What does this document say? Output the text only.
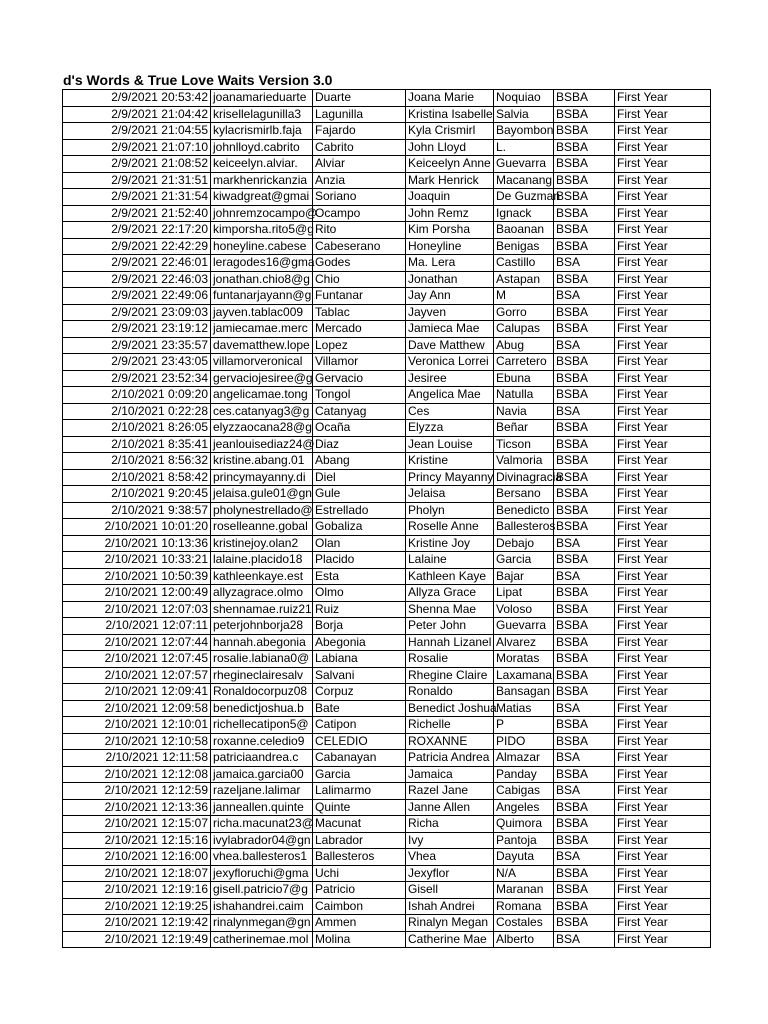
d's Words & True Love Waits Version 3.0
2/9/2021 20:53:42	joanamarieduarte	Duarte	Joana Marie	Noquiao	BSBA	First Year
2/9/2021 21:04:42	krisellelagunilla3	Lagunilla	Kristina Isabelle	Salvia	BSBA	First Year
2/9/2021 21:04:55	kylacrismirlb.faja	Fajardo	Kyla Crismirl	Bayombon	BSBA	First Year
2/9/2021 21:07:10	johnlloyd.cabrito	Cabrito	John Lloyd	L.	BSBA	First Year
2/9/2021 21:08:52	keiceelyn.alviar.	Alviar	Keiceelyn Anne	Guevarra	BSBA	First Year
2/9/2021 21:31:51	markhenrickanzia	Anzia	Mark Henrick	Macanang	BSBA	First Year
2/9/2021 21:31:54	kiwadgreat@gmai	Soriano	Joaquin	De Guzman	BSBA	First Year
2/9/2021 21:52:40	johnremzocampo@	Ocampo	John Remz	Ignack	BSBA	First Year
2/9/2021 22:17:20	kimporsha.rito5@g	Rito	Kim Porsha	Baoanan	BSBA	First Year
2/9/2021 22:42:29	honeyline.cabese	Cabeserano	Honeyline	Benigas	BSBA	First Year
2/9/2021 22:46:01	leragodes16@gma	Godes	Ma. Lera	Castillo	BSA	First Year
2/9/2021 22:46:03	jonathan.chio8@g	Chio	Jonathan	Astapan	BSBA	First Year
2/9/2021 22:49:06	funtanarjayann@g	Funtanar	Jay Ann	M	BSA	First Year
2/9/2021 23:09:03	jayven.tablac009	Tablac	Jayven	Gorro	BSBA	First Year
2/9/2021 23:19:12	jamiecamae.merc	Mercado	Jamieca Mae	Calupas	BSBA	First Year
2/9/2021 23:35:57	davematthew.lope	Lopez	Dave Matthew	Abug	BSA	First Year
2/9/2021 23:43:05	villamorveronical	Villamor	Veronica Lorrei	Carretero	BSBA	First Year
2/9/2021 23:52:34	gervaciojesiree@g	Gervacio	Jesiree	Ebuna	BSBA	First Year
2/10/2021 0:09:20	angelicamae.tong	Tongol	Angelica Mae	Natulla	BSBA	First Year
2/10/2021 0:22:28	ces.catanyag3@g	Catanyag	Ces	Navia	BSA	First Year
2/10/2021 8:26:05	elyzzaocana28@g	Ocaña	Elyzza	Beñar	BSBA	First Year
2/10/2021 8:35:41	jeanlouisediaz24@	Diaz	Jean Louise	Ticson	BSBA	First Year
2/10/2021 8:56:32	kristine.abang.01	Abang	Kristine	Valmoria	BSBA	First Year
2/10/2021 8:58:42	princymayanny.di	Diel	Princy Mayanny	Divinagracia	BSBA	First Year
2/10/2021 9:20:45	jelaisa.gule01@gn	Gule	Jelaisa	Bersano	BSBA	First Year
2/10/2021 9:38:57	pholynestrellado@	Estrellado	Pholyn	Benedicto	BSBA	First Year
2/10/2021 10:01:20	roselleanne.gobal	Gobaliza	Roselle Anne	Ballesteros	BSBA	First Year
2/10/2021 10:13:36	kristinejoy.olan2	Olan	Kristine Joy	Debajo	BSA	First Year
2/10/2021 10:33:21	lalaine.placido18	Placido	Lalaine	Garcia	BSBA	First Year
2/10/2021 10:50:39	kathleenkaye.est	Esta	Kathleen Kaye	Bajar	BSA	First Year
2/10/2021 12:00:49	allyzagrace.olmo	Olmo	Allyza Grace	Lipat	BSBA	First Year
2/10/2021 12:07:03	shennamae.ruiz21	Ruiz	Shenna Mae	Voloso	BSBA	First Year
2/10/2021 12:07:11	peterjohnborja28	Borja	Peter John	Guevarra	BSBA	First Year
2/10/2021 12:07:44	hannah.abegonia	Abegonia	Hannah Lizanel	Alvarez	BSBA	First Year
2/10/2021 12:07:45	rosalie.labiana0@	Labiana	Rosalie	Moratas	BSBA	First Year
2/10/2021 12:07:57	rhegineclairesalv	Salvani	Rhegine Claire	Laxamana	BSBA	First Year
2/10/2021 12:09:41	Ronaldocorpuz08	Corpuz	Ronaldo	Bansagan	BSBA	First Year
2/10/2021 12:09:58	benedictjoshua.b	Bate	Benedict Joshua	Matias	BSA	First Year
2/10/2021 12:10:01	richellecatipon5@	Catipon	Richelle	P	BSBA	First Year
2/10/2021 12:10:58	roxanne.celedio9	CELEDIO	ROXANNE	PIDO	BSBA	First Year
2/10/2021 12:11:58	patriciaandrea.c	Cabanayan	Patricia Andrea	Almazar	BSA	First Year
2/10/2021 12:12:08	jamaica.garcia00	Garcia	Jamaica	Panday	BSBA	First Year
2/10/2021 12:12:59	razeljane.lalimar	Lalimarmo	Razel Jane	Cabigas	BSA	First Year
2/10/2021 12:13:36	janneallen.quinte	Quinte	Janne Allen	Angeles	BSBA	First Year
2/10/2021 12:15:07	richa.macunat23@	Macunat	Richa	Quimora	BSBA	First Year
2/10/2021 12:15:16	ivylabrador04@gn	Labrador	Ivy	Pantoja	BSBA	First Year
2/10/2021 12:16:00	vhea.ballesteros1	Ballesteros	Vhea	Dayuta	BSA	First Year
2/10/2021 12:18:07	jexyfloruchi@gma	Uchi	Jexyflor	N/A	BSBA	First Year
2/10/2021 12:19:16	gisell.patricio7@g	Patricio	Gisell	Maranan	BSBA	First Year
2/10/2021 12:19:25	ishahandrei.caim	Caimbon	Ishah Andrei	Romana	BSBA	First Year
2/10/2021 12:19:42	rinalynmegan@gn	Ammen	Rinalyn Megan	Costales	BSBA	First Year
2/10/2021 12:19:49	catherinemae.mol	Molina	Catherine Mae	Alberto	BSA	First Year
